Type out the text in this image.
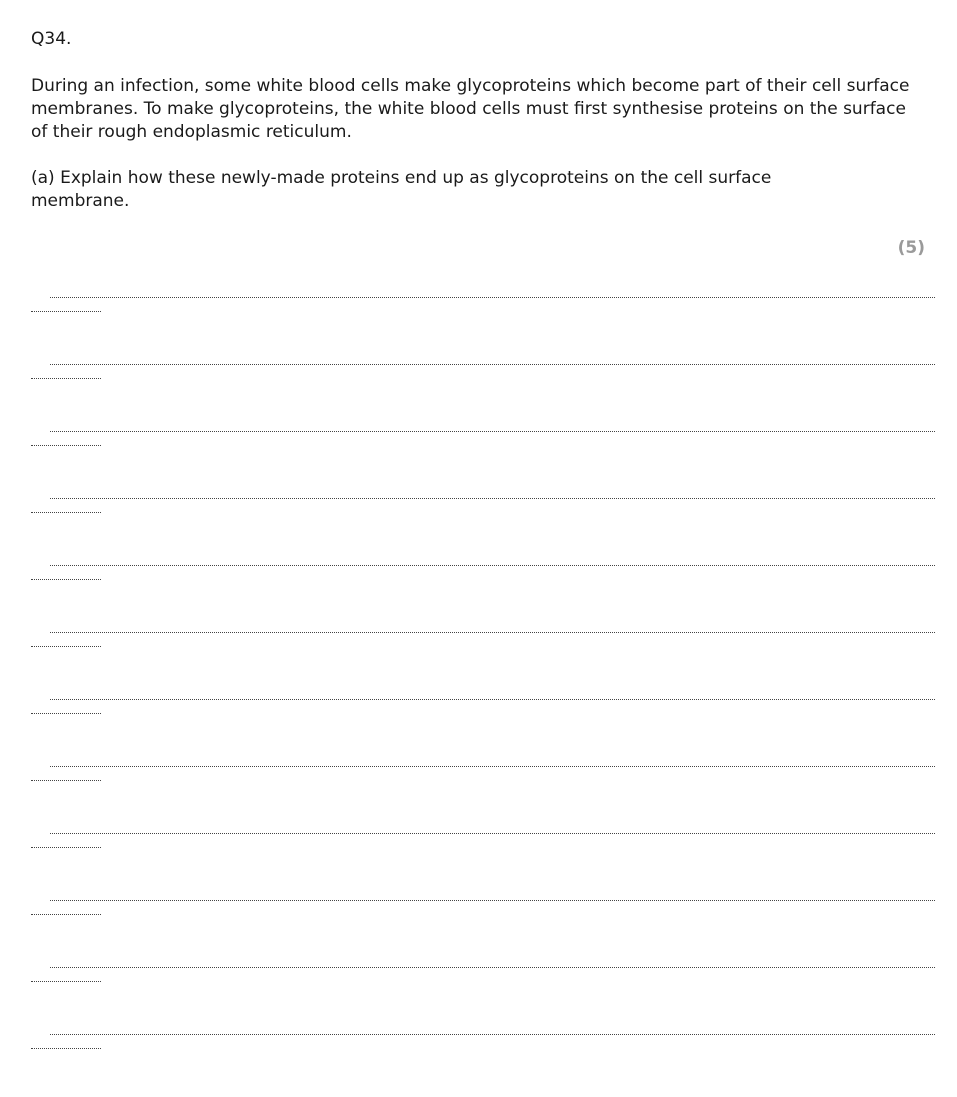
Q34.

During an infection, some white blood cells make glycoproteins which become part of their cell surface membranes. To make glycoproteins, the white blood cells must first synthesise proteins on the surface of their rough endoplasmic reticulum.

(a) Explain how these newly-made proteins end up as glycoproteins on the cell surface membrane.

(5)
